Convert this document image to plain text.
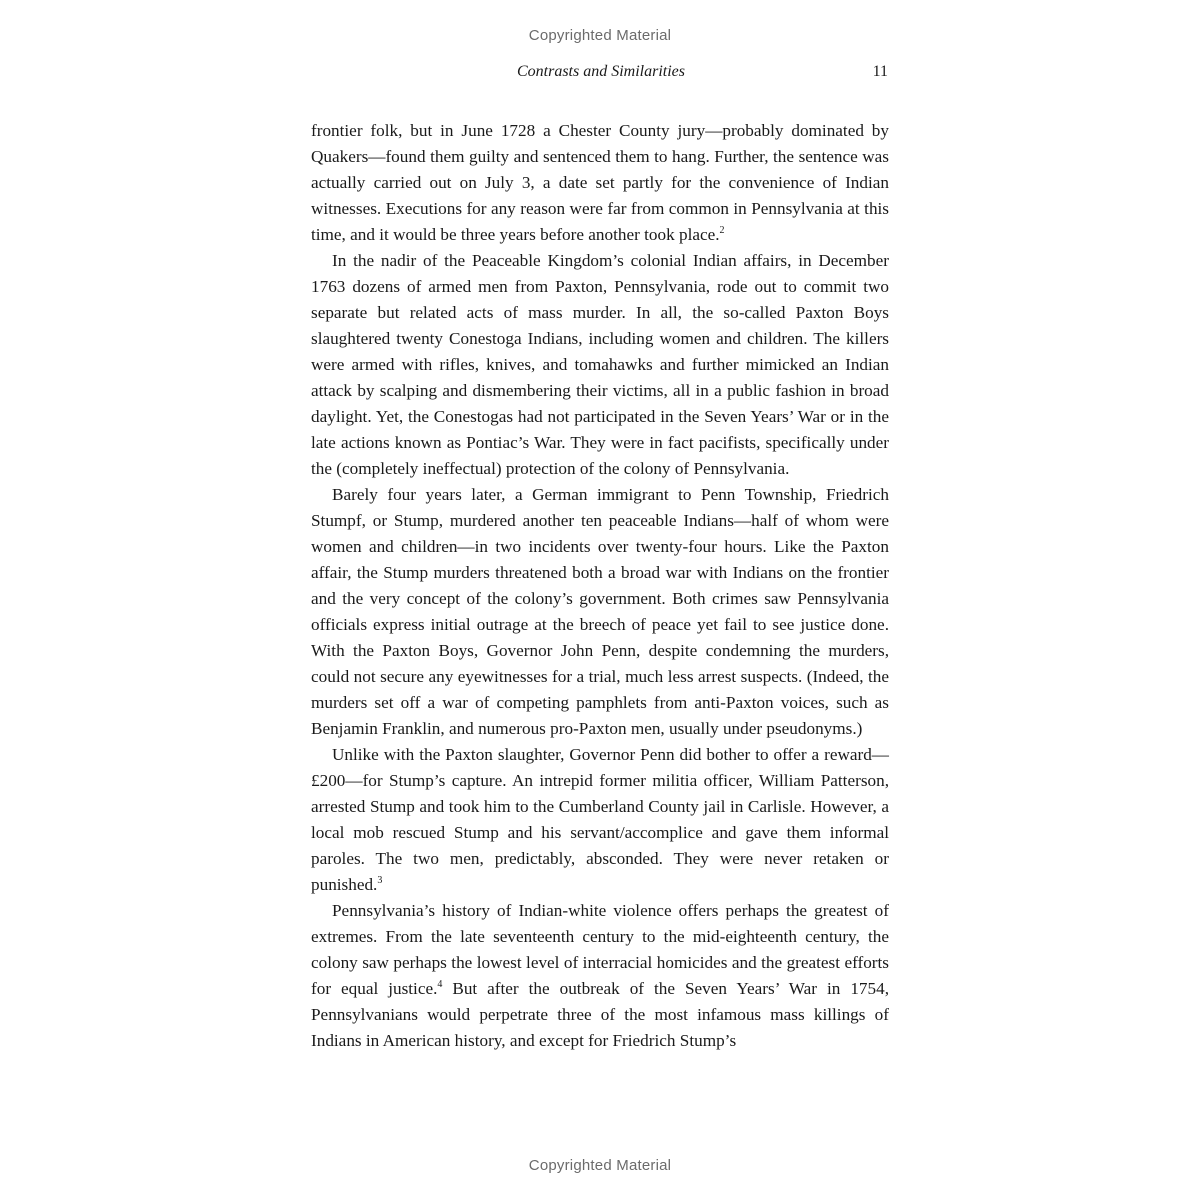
Copyrighted Material
Contrasts and Similarities	11

frontier folk, but in June 1728 a Chester County jury—probably dominated by Quakers—found them guilty and sentenced them to hang. Further, the sentence was actually carried out on July 3, a date set partly for the convenience of Indian witnesses. Executions for any reason were far from common in Pennsylvania at this time, and it would be three years before another took place.$^2$

In the nadir of the Peaceable Kingdom’s colonial Indian affairs, in December 1763 dozens of armed men from Paxton, Pennsylvania, rode out to commit two separate but related acts of mass murder. In all, the so-called Paxton Boys slaughtered twenty Conestoga Indians, including women and children. The killers were armed with rifles, knives, and tomahawks and further mimicked an Indian attack by scalping and dismembering their victims, all in a public fashion in broad daylight. Yet, the Conestogas had not participated in the Seven Years’ War or in the late actions known as Pontiac’s War. They were in fact pacifists, specifically under the (completely ineffectual) protection of the colony of Pennsylvania.

Barely four years later, a German immigrant to Penn Township, Friedrich Stumpf, or Stump, murdered another ten peaceable Indians—half of whom were women and children—in two incidents over twenty-four hours. Like the Paxton affair, the Stump murders threatened both a broad war with Indians on the frontier and the very concept of the colony’s government. Both crimes saw Pennsylvania officials express initial outrage at the breech of peace yet fail to see justice done. With the Paxton Boys, Governor John Penn, despite condemning the murders, could not secure any eyewitnesses for a trial, much less arrest suspects. (Indeed, the murders set off a war of competing pamphlets from anti-Paxton voices, such as Benjamin Franklin, and numerous pro-Paxton men, usually under pseudonyms.)

Unlike with the Paxton slaughter, Governor Penn did bother to offer a reward—£200—for Stump’s capture. An intrepid former militia officer, William Patterson, arrested Stump and took him to the Cumberland County jail in Carlisle. However, a local mob rescued Stump and his servant/accomplice and gave them informal paroles. The two men, predictably, absconded. They were never retaken or punished.$^3$

Pennsylvania’s history of Indian-white violence offers perhaps the greatest of extremes. From the late seventeenth century to the mid-eighteenth century, the colony saw perhaps the lowest level of interracial homicides and the greatest efforts for equal justice.$^4$ But after the outbreak of the Seven Years’ War in 1754, Pennsylvanians would perpetrate three of the most infamous mass killings of Indians in American history, and except for Friedrich Stump’s

Copyrighted Material
